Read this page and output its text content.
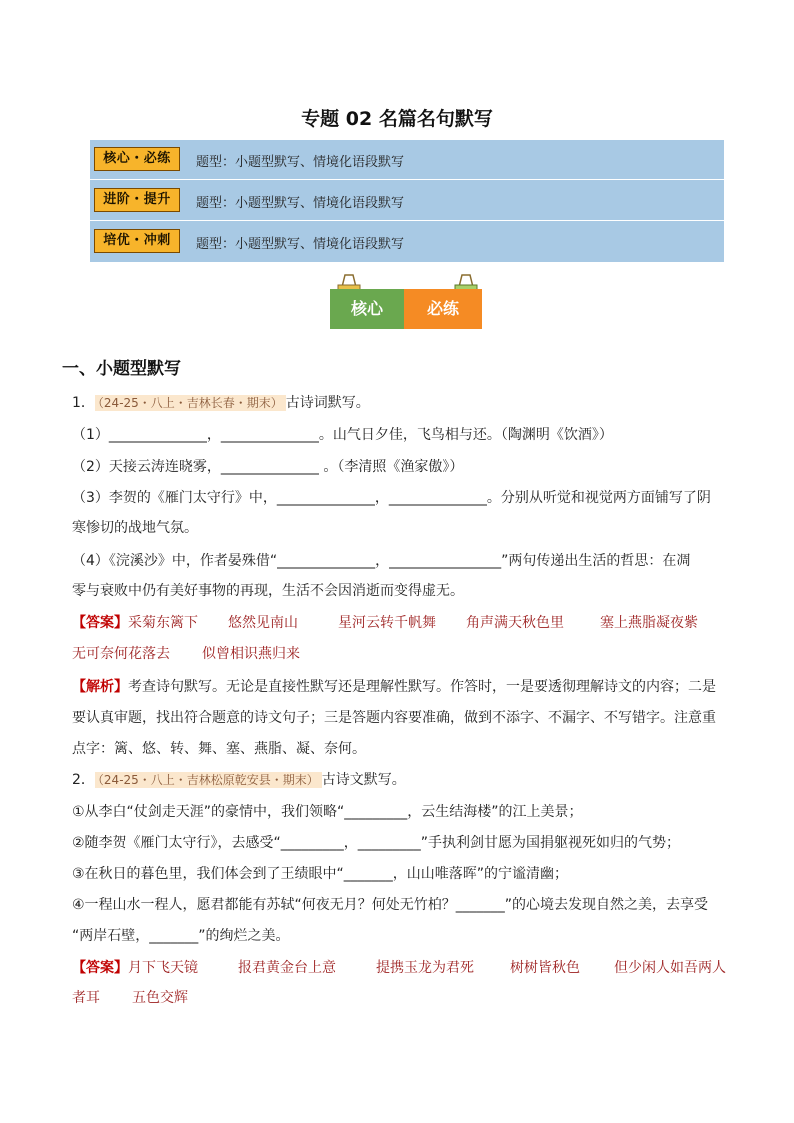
专题 02 名篇名句默写
核心・必练	题型：小题型默写、情境化语段默写
进阶・提升	题型：小题型默写、情境化语段默写
培优・冲刺	题型：小题型默写、情境化语段默写
核心	必练
一、小题型默写
1． （24-25・八上・吉林长春・期末） 古诗词默写。
（1）______________，______________。山气日夕佳，飞鸟相与还。（陶渊明《饮酒》）
（2）天接云涛连晓雾，______________ 。（李清照《渔家傲》）
（3）李贺的《雁门太守行》中，______________，______________。分别从听觉和视觉两方面铺写了阴
寒惨切的战地气氛。
（4）《浣溪沙》中，作者晏殊借“______________，________________”两句传递出生活的哲思：在凋
零与衰败中仍有美好事物的再现，生活不会因消逝而变得虚无。
【答案】采菊东篱下 悠然见南山	星河云转千帆舞 角声满天秋色里	塞上燕脂凝夜紫
无可奈何花落去 似曾相识燕归来
【解析】考查诗句默写。无论是直接性默写还是理解性默写。作答时，一是要透彻理解诗文的内容；二是
要认真审题，找出符合题意的诗文句子；三是答题内容要准确，做到不添字、不漏字、不写错字。注意重
点字：篱、悠、转、舞、塞、燕脂、凝、奈何。
2． （24-25・八上・吉林松原乾安县・期末） 古诗文默写。
①从李白“仗剑走天涯”的豪情中，我们领略“_________，云生结海楼”的江上美景；
②随李贺《雁门太守行》，去感受“_________，_________”手执利剑甘愿为国捐躯视死如归的气势；
③在秋日的暮色里，我们体会到了王绩眼中“_______，山山唯落晖”的宁谧清幽；
④一程山水一程人，愿君都能有苏轼“何夜无月？何处无竹柏？_______”的心境去发现自然之美，去享受
“两岸石壁，_______”的绚烂之美。
【答案】月下飞天镜	报君黄金台上意	提携玉龙为君死	树树皆秋色 但少闲人如吾两人
者耳 五色交辉
